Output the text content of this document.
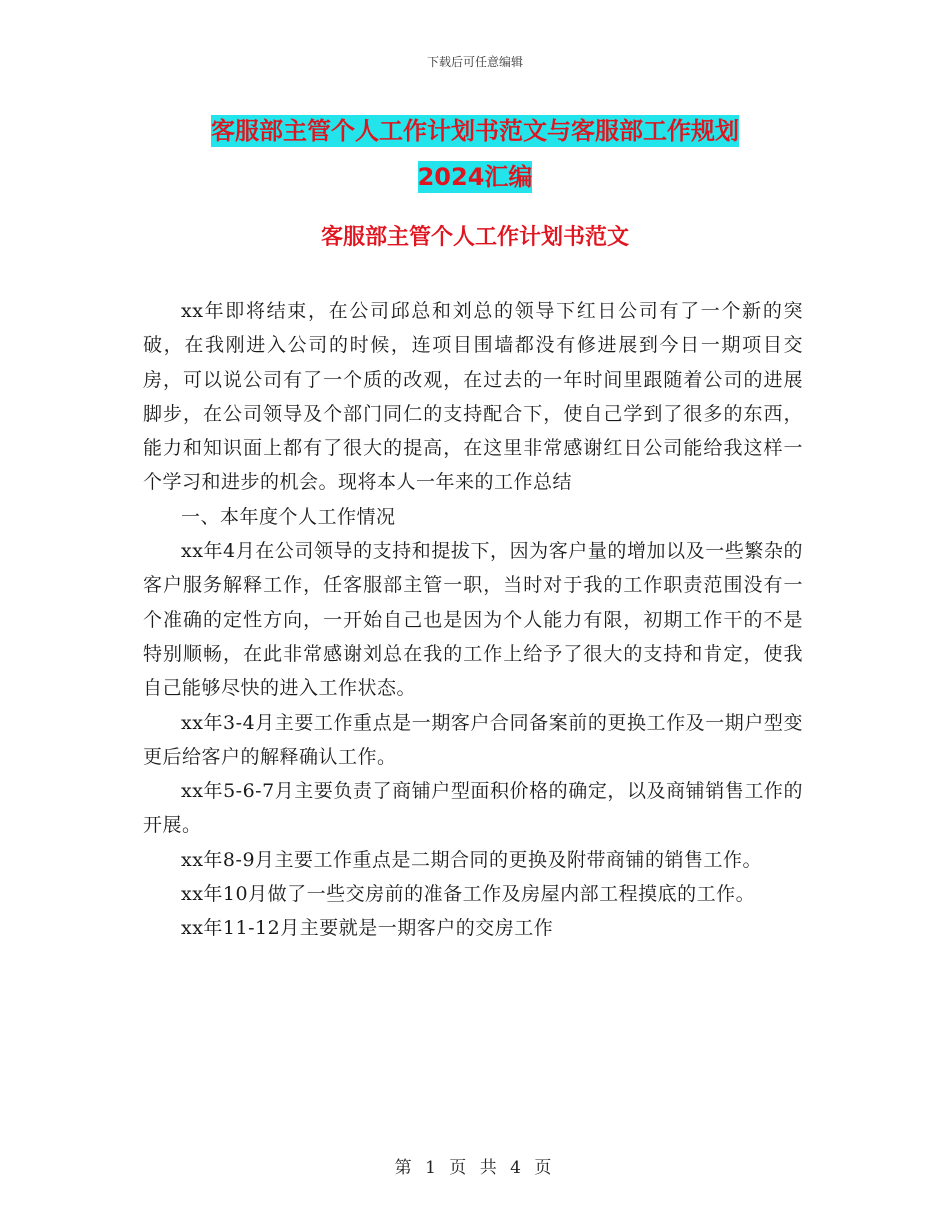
下载后可任意编辑
客服部主管个人工作计划书范文与客服部工作规划
2024汇编
客服部主管个人工作计划书范文

xx年即将结束，在公司邱总和刘总的领导下红日公司有了一个新的突破，在我刚进入公司的时候，连项目围墙都没有修进展到今日一期项目交房，可以说公司有了一个质的改观，在过去的一年时间里跟随着公司的进展脚步，在公司领导及个部门同仁的支持配合下，使自己学到了很多的东西，能力和知识面上都有了很大的提高，在这里非常感谢红日公司能给我这样一个学习和进步的机会。现将本人一年来的工作总结

一、本年度个人工作情况

xx年4月在公司领导的支持和提拔下，因为客户量的增加以及一些繁杂的客户服务解释工作，任客服部主管一职，当时对于我的工作职责范围没有一个准确的定性方向，一开始自己也是因为个人能力有限，初期工作干的不是特别顺畅，在此非常感谢刘总在我的工作上给予了很大的支持和肯定，使我自己能够尽快的进入工作状态。

xx年3-4月主要工作重点是一期客户合同备案前的更换工作及一期户型变更后给客户的解释确认工作。

xx年5-6-7月主要负责了商铺户型面积价格的确定，以及商铺销售工作的开展。

xx年8-9月主要工作重点是二期合同的更换及附带商铺的销售工作。

xx年10月做了一些交房前的准备工作及房屋内部工程摸底的工作。

xx年11-12月主要就是一期客户的交房工作

第 1 页 共 4 页
